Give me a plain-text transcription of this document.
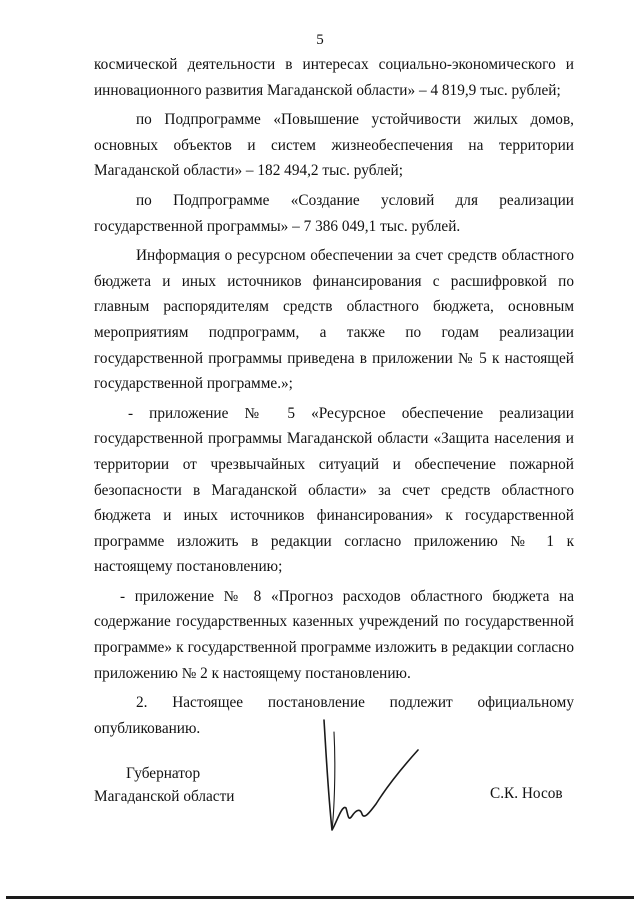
5

космической деятельности в интересах социально-экономического и инновационного развития Магаданской области» – 4 819,9 тыс. рублей;

по Подпрограмме «Повышение устойчивости жилых домов, основных объектов и систем жизнеобеспечения на территории Магаданской области» – 182 494,2 тыс. рублей;

по Подпрограмме «Создание условий для реализации государственной программы» – 7 386 049,1 тыс. рублей.

Информация о ресурсном обеспечении за счет средств областного бюджета и иных источников финансирования с расшифровкой по главным распорядителям средств областного бюджета, основным мероприятиям подпрограмм, а также по годам реализации государственной программы приведена в приложении № 5 к настоящей государственной программе.»;

- приложение № 5 «Ресурсное обеспечение реализации государственной программы Магаданской области «Защита населения и территории от чрезвычайных ситуаций и обеспечение пожарной безопасности в Магаданской области» за счет средств областного бюджета и иных источников финансирования» к государственной программе изложить в редакции согласно приложению № 1 к настоящему постановлению;

- приложение № 8 «Прогноз расходов областного бюджета на содержание государственных казенных учреждений по государственной программе» к государственной программе изложить в редакции согласно приложению № 2 к настоящему постановлению.

2. Настоящее постановление подлежит официальному опубликованию.

Губернатор
Магаданской области	С.К. Носов
